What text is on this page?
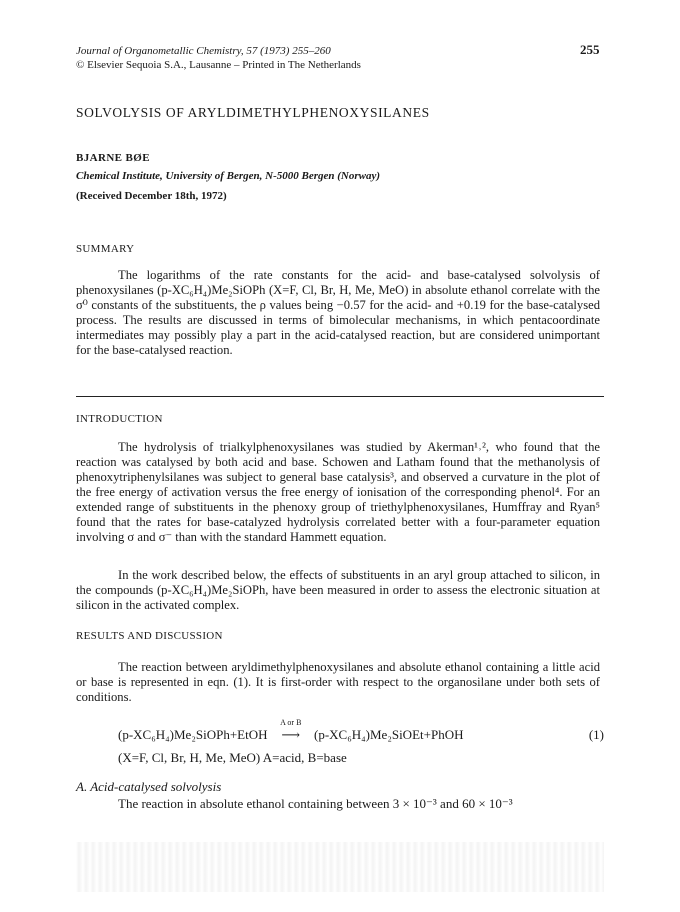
Journal of Organometallic Chemistry, 57 (1973) 255–260
© Elsevier Sequoia S.A., Lausanne – Printed in The Netherlands
255
SOLVOLYSIS OF ARYLDIMETHYLPHENOXYSILANES
BJARNE BØE
Chemical Institute, University of Bergen, N-5000 Bergen (Norway)
(Received December 18th, 1972)
SUMMARY
The logarithms of the rate constants for the acid- and base-catalysed solvolysis of phenoxysilanes (p-XC₆H₄)Me₂SiOPh (X=F, Cl, Br, H, Me, MeO) in absolute ethanol correlate with the σ⁰ constants of the substituents, the ρ values being −0.57 for the acid- and +0.19 for the base-catalysed process. The results are discussed in terms of bimolecular mechanisms, in which pentacoordinate intermediates may possibly play a part in the acid-catalysed reaction, but are considered unimportant for the base-catalysed reaction.
INTRODUCTION
The hydrolysis of trialkylphenoxysilanes was studied by Akerman¹˒², who found that the reaction was catalysed by both acid and base. Schowen and Latham found that the methanolysis of phenoxytriphenylsilanes was subject to general base catalysis³, and observed a curvature in the plot of the free energy of activation versus the free energy of ionisation of the corresponding phenol⁴. For an extended range of substituents in the phenoxy group of triethylphenoxysilanes, Humffray and Ryan⁵ found that the rates for base-catalyzed hydrolysis correlated better with a four-parameter equation involving σ and σ⁻ than with the standard Hammett equation.
In the work described below, the effects of substituents in an aryl group attached to silicon, in the compounds (p-XC₆H₄)Me₂SiOPh, have been measured in order to assess the electronic situation at silicon in the activated complex.
RESULTS AND DISCUSSION
The reaction between aryldimethylphenoxysilanes and absolute ethanol containing a little acid or base is represented in eqn. (1). It is first-order with respect to the organosilane under both sets of conditions.
(p-XC₆H₄)Me₂SiOPh+EtOH
A or B
⟶ (p-XC₆H₄)Me₂SiOEt+PhOH	(1)
(X=F, Cl, Br, H, Me, MeO) A=acid, B=base
A. Acid-catalysed solvolysis
The reaction in absolute ethanol containing between 3 × 10⁻³ and 60 × 10⁻³
